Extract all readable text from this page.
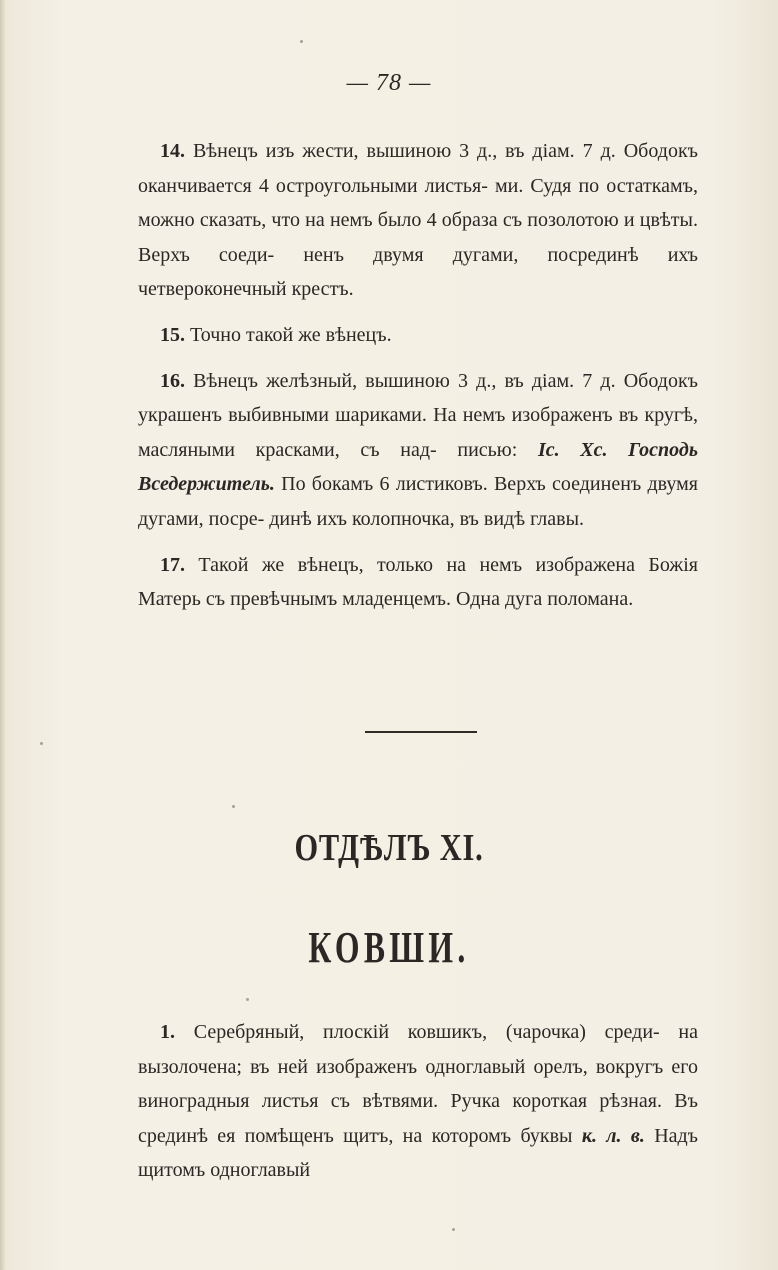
— 78 —

14. Вѣнецъ изъ жести, вышиною 3 д., въ діам. 7 д. Ободокъ оканчивается 4 остроугольными листья- ми. Судя по остаткамъ, можно сказать, что на немъ было 4 образа съ позолотою и цвѣты. Верхъ соеди- ненъ двумя дугами, посрединѣ ихъ четвероконечный крестъ.

15. Точно такой же вѣнецъ.

16. Вѣнецъ желѣзный, вышиною 3 д., въ діам. 7 д. Ободокъ украшенъ выбивными шариками. На немъ изображенъ въ кругѣ, масляными красками, съ над- писью: Іс. Хс. Господь Вседержитель. По бокамъ 6 листиковъ. Верхъ соединенъ двумя дугами, посре- динѣ ихъ колопночка, въ видѣ главы.

17. Такой же вѣнецъ, только на немъ изображена Божія Матерь съ превѣчнымъ младенцемъ. Одна дуга поломана.

ОТДѢЛЪ XI.
КОВШИ.

1. Серебряный, плоскій ковшикъ, (чарочка) среди- на вызолочена; въ ней изображенъ одноглавый орелъ, вокругъ его виноградныя листья съ вѣтвями. Ручка короткая рѣзная. Въ срединѣ ея помѣщенъ щитъ, на которомъ буквы к. л. в. Надъ щитомъ одноглавый
